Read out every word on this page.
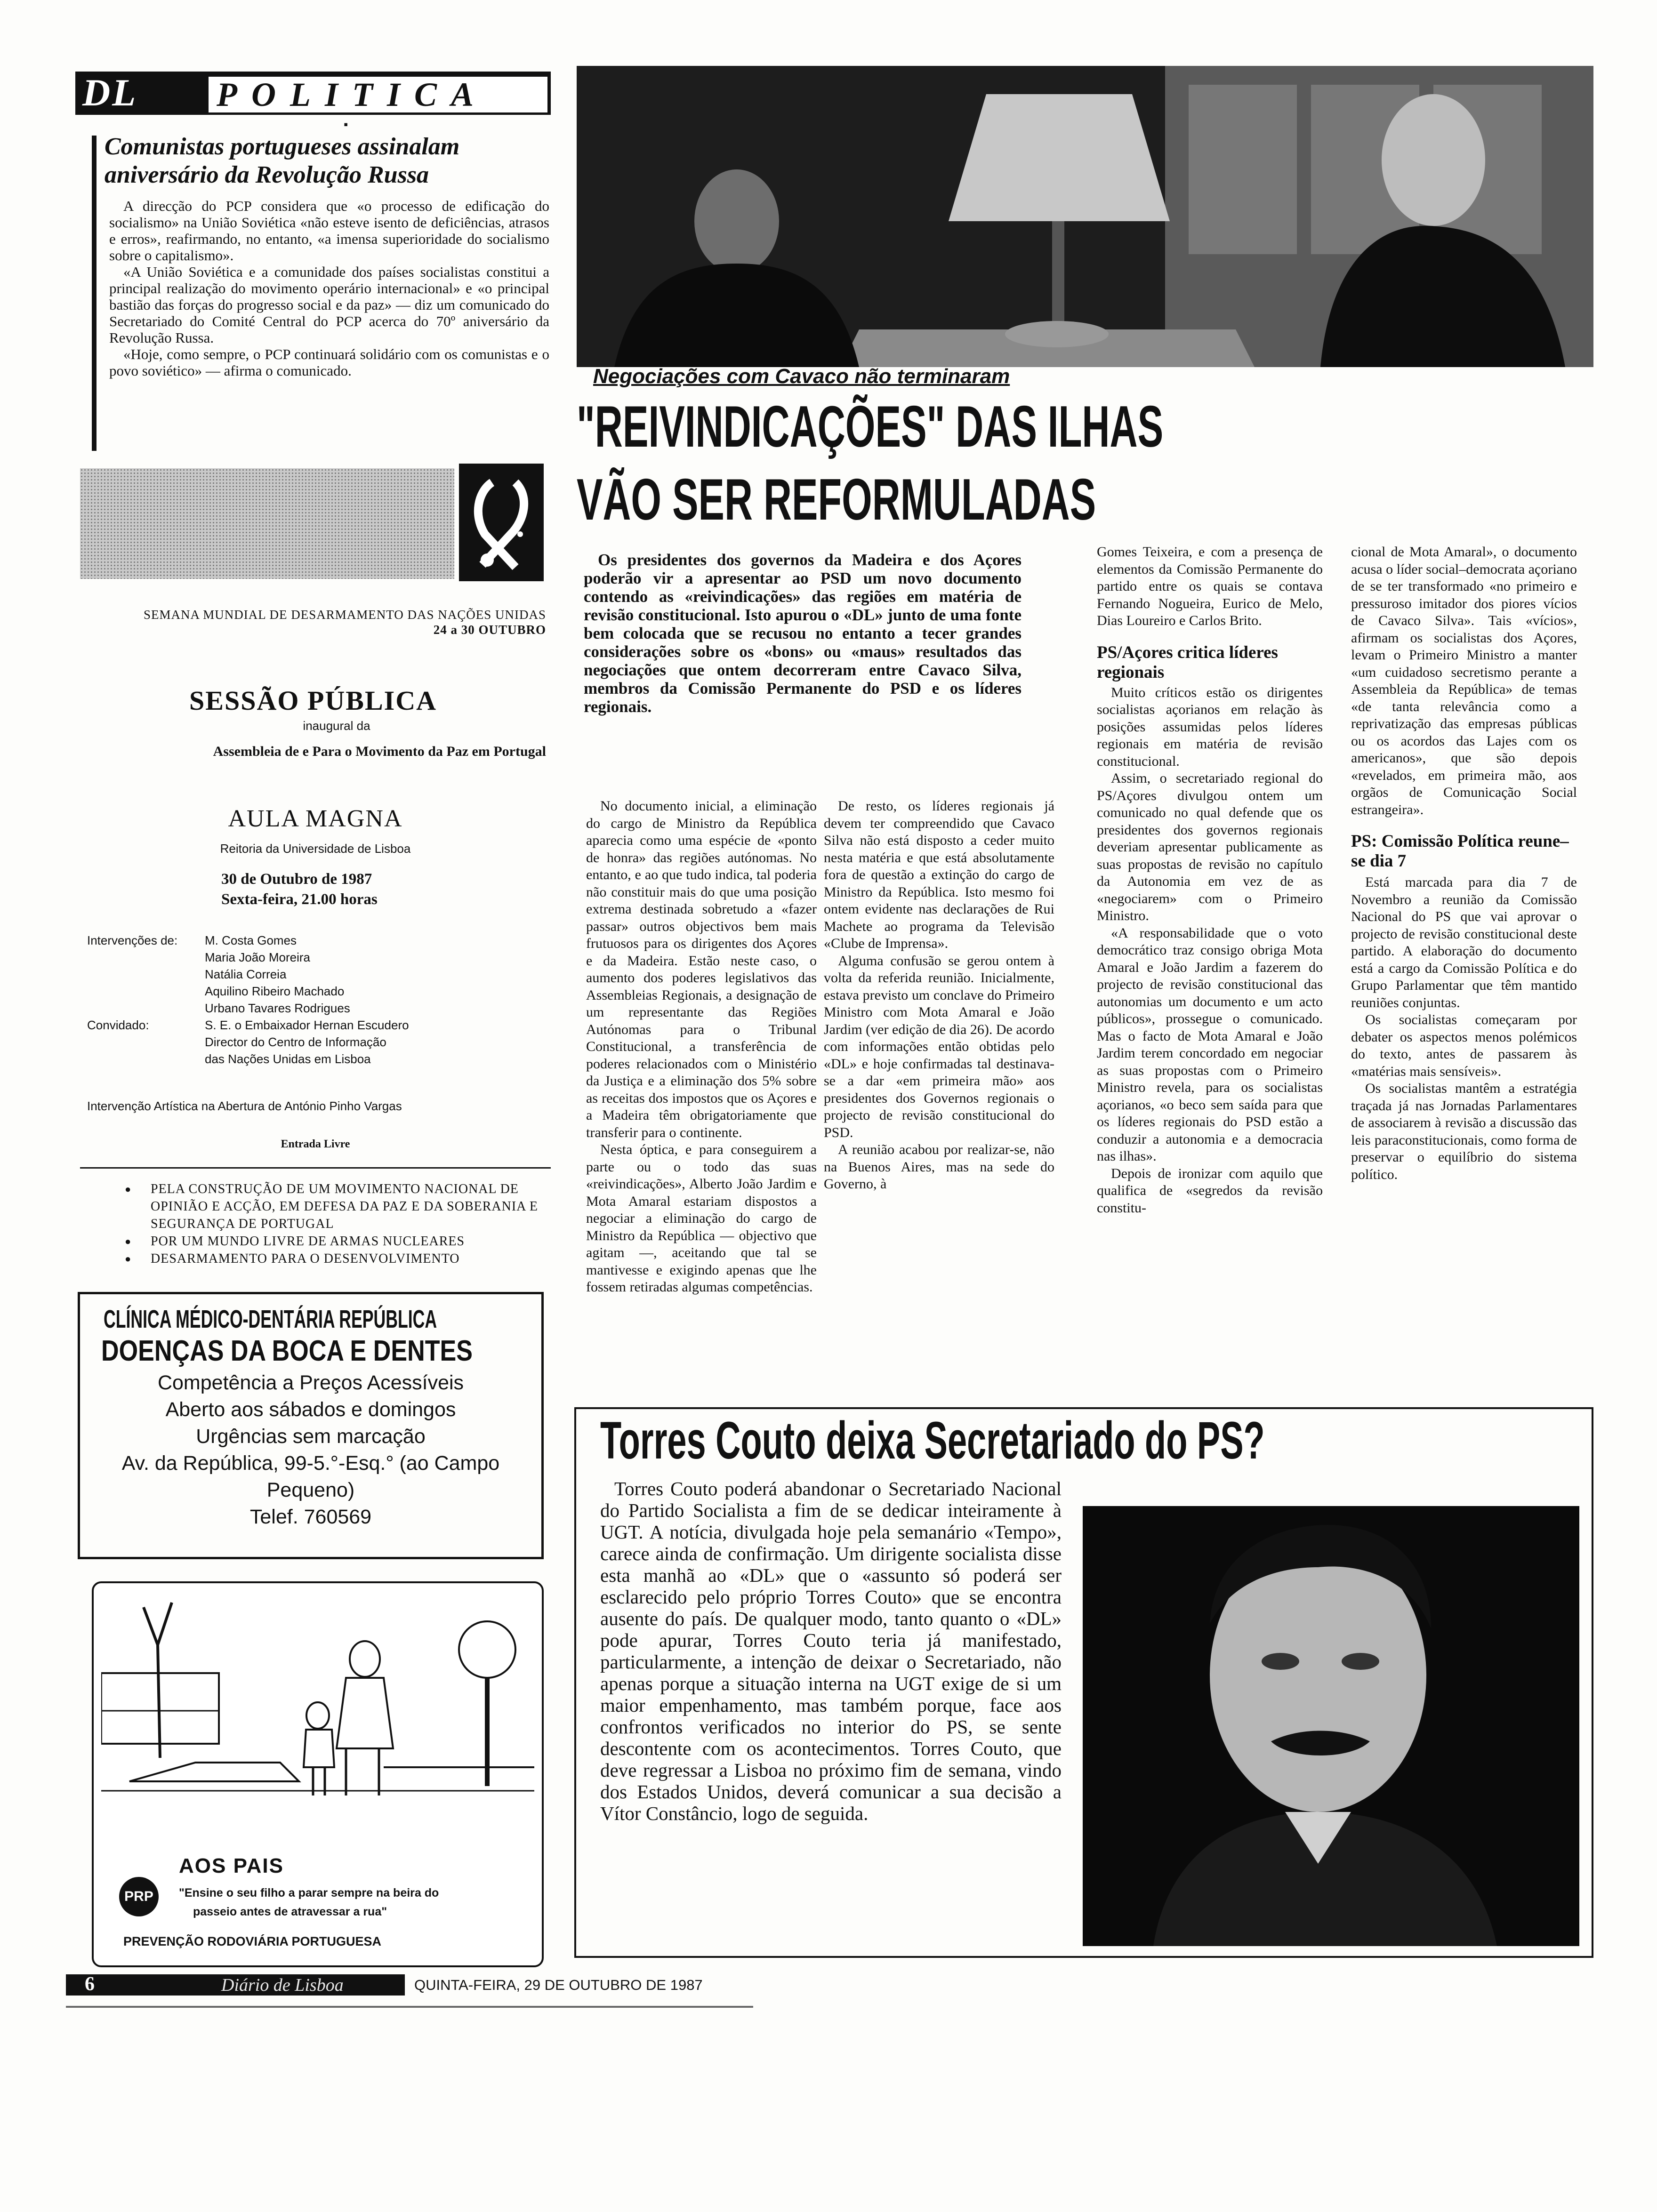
DL POLITICA
▪
Comunistas portugueses assinalam
aniversário da Revolução Russa

A direcção do PCP considera que «o processo de edificação do socialismo» na União Soviética «não esteve isento de deficiências, atrasos e erros», reafirmando, no entanto, «a imensa superioridade do socialismo sobre o capitalismo».

«A União Soviética e a comunidade dos países socialistas constitui a principal realização do movimento operário internacional» e «o principal bastião das forças do progresso social e da paz» — diz um comunicado do Secretariado do Comité Central do PCP acerca do 70º aniversário da Revolução Russa.

«Hoje, como sempre, o PCP continuará solidário com os comunistas e o povo soviético» — afirma o comunicado.

SEMANA MUNDIAL DE DESARMAMENTO DAS NAÇÕES UNIDAS
24 a 30 OUTUBRO
SESSÃO PÚBLICA
inaugural da
Assembleia de e Para o Movimento da Paz em Portugal
AULA MAGNA
Reitoria da Universidade de Lisboa
30 de Outubro de 1987
Sexta-feira, 21.00 horas
Intervenções de:	M. Costa Gomes
Maria João Moreira
Natália Correia
Aquilino Ribeiro Machado
Urbano Tavares Rodrigues

Convidado:	S. E. o Embaixador Hernan Escudero
Director do Centro de Informação
das Nações Unidas em Lisboa
Intervenção Artística na Abertura de António Pinho Vargas
Entrada Livre
● PELA CONSTRUÇÃO DE UM MOVIMENTO NACIONAL DE OPINIÃO E ACÇÃO, EM DEFESA DA PAZ E DA SOBERANIA E SEGURANÇA DE PORTUGAL
● POR UM MUNDO LIVRE DE ARMAS NUCLEARES
● DESARMAMENTO PARA O DESENVOLVIMENTO
CLÍNICA MÉDICO-DENTÁRIA REPÚBLICA
DOENÇAS DA BOCA E DENTES
Competência a Preços Acessíveis
Aberto aos sábados e domingos
Urgências sem marcação
Av. da República, 99-5.°-Esq.° (ao Campo
Pequeno)
Telef. 760569
AOS PAIS
PRP	"Ensine o seu filho a parar sempre na beira do
passeio antes de atravessar a rua"
PREVENÇÃO RODOVIÁRIA PORTUGUESA
Negociações com Cavaco não terminaram
"REIVINDICAÇÕES" DAS ILHAS
VÃO SER REFORMULADAS

Os presidentes dos governos da Madeira e dos Açores poderão vir a apresentar ao PSD um novo documento contendo as «reivindicações» das regiões em matéria de revisão constitucional. Isto apurou o «DL» junto de uma fonte bem colocada que se recusou no entanto a tecer grandes considerações sobre os «bons» ou «maus» resultados das negociações que ontem decorreram entre Cavaco Silva, membros da Comissão Permanente do PSD e os líderes regionais.

No documento inicial, a eliminação do cargo de Ministro da República aparecia como uma espécie de «ponto de honra» das regiões autónomas. No entanto, e ao que tudo indica, tal poderia não constituir mais do que uma posição extrema destinada sobretudo a «fazer passar» outros objectivos bem mais frutuosos para os dirigentes dos Açores e da Madeira. Estão neste caso, o aumento dos poderes legislativos das Assembleias Regionais, a designação de um representante das Regiões Autónomas para o Tribunal Constitucional, a transferência de poderes relacionados com o Ministério da Justiça e a eliminação dos 5% sobre as receitas dos impostos que os Açores e a Madeira têm obrigatoriamente que transferir para o continente.

Nesta óptica, e para conseguirem a parte ou o todo das suas «reivindicações», Alberto João Jardim e Mota Amaral estariam dispostos a negociar a eliminação do cargo de Ministro da República — objectivo que agitam —, aceitando que tal se mantivesse e exigindo apenas que lhe fossem retiradas algumas competências.

De resto, os líderes regionais já devem ter compreendido que Cavaco Silva não está disposto a ceder muito nesta matéria e que está absolutamente fora de questão a extinção do cargo de Ministro da República. Isto mesmo foi ontem evidente nas declarações de Rui Machete ao programa da Televisão «Clube de Imprensa».

Alguma confusão se gerou ontem à volta da referida reunião. Inicialmente, estava previsto um conclave do Primeiro Ministro com Mota Amaral e João Jardim (ver edição de dia 26). De acordo com informações então obtidas pelo «DL» e hoje confirmadas tal destinava-se a dar «em primeira mão» aos presidentes dos Governos regionais o projecto de revisão constitucional do PSD.

A reunião acabou por realizar-se, não na Buenos Aires, mas na sede do Governo, à

Gomes Teixeira, e com a presença de elementos da Comissão Permanente do partido entre os quais se contava Fernando Nogueira, Eurico de Melo, Dias Loureiro e Carlos Brito.

PS/Açores critica líderes regionais

Muito críticos estão os dirigentes socialistas açorianos em relação às posições assumidas pelos líderes regionais em matéria de revisão constitucional.

Assim, o secretariado regional do PS/Açores divulgou ontem um comunicado no qual defende que os presidentes dos governos regionais deveriam apresentar publicamente as suas propostas de revisão no capítulo da Autonomia em vez de as «negociarem» com o Primeiro Ministro.

«A responsabilidade que o voto democrático traz consigo obriga Mota Amaral e João Jardim a fazerem do projecto de revisão constitucional das autonomias um documento e um acto públicos», prossegue o comunicado. Mas o facto de Mota Amaral e João Jardim terem concordado em negociar as suas propostas com o Primeiro Ministro revela, para os socialistas açorianos, «o beco sem saída para que os líderes regionais do PSD estão a conduzir a autonomia e a democracia nas ilhas».

Depois de ironizar com aquilo que qualifica de «segredos da revisão constitu-

cional de Mota Amaral», o documento acusa o líder social–democrata açoriano de se ter transformado «no primeiro e pressuroso imitador dos piores vícios de Cavaco Silva». Tais «vícios», afirmam os socialistas dos Açores, levam o Primeiro Ministro a manter «um cuidadoso secretismo perante a Assembleia da República» de temas «de tanta relevância como a reprivatização das empresas públicas ou os acordos das Lajes com os americanos», que são depois «revelados, em primeira mão, aos orgãos de Comunicação Social estrangeira».

PS: Comissão Política reune–se dia 7

Está marcada para dia 7 de Novembro a reunião da Comissão Nacional do PS que vai aprovar o projecto de revisão constitucional deste partido. A elaboração do documento está a cargo da Comissão Política e do Grupo Parlamentar que têm mantido reuniões conjuntas.

Os socialistas começaram por debater os aspectos menos polémicos do texto, antes de passarem às «matérias mais sensíveis».

Os socialistas mantêm a estratégia traçada já nas Jornadas Parlamentares de associarem à revisão a discussão das leis paraconstitucionais, como forma de preservar o equilíbrio do sistema político.

Torres Couto deixa Secretariado do PS?

Torres Couto poderá abandonar o Secretariado Nacional do Partido Socialista a fim de se dedicar inteiramente à UGT. A notícia, divulgada hoje pela semanário «Tempo», carece ainda de confirmação. Um dirigente socialista disse esta manhã ao «DL» que o «assunto só poderá ser esclarecido pelo próprio Torres Couto» que se encontra ausente do país. De qualquer modo, tanto quanto o «DL» pode apurar, Torres Couto teria já manifestado, particularmente, a intenção de deixar o Secretariado, não apenas porque a situação interna na UGT exige de si um maior empenhamento, mas também porque, face aos confrontos verificados no interior do PS, se sente descontente com os acontecimentos. Torres Couto, que deve regressar a Lisboa no próximo fim de semana, vindo dos Estados Unidos, deverá comunicar a sua decisão a Vítor Constâncio, logo de seguida.

6	Diário de Lisboa	QUINTA-FEIRA, 29 DE OUTUBRO DE 1987
